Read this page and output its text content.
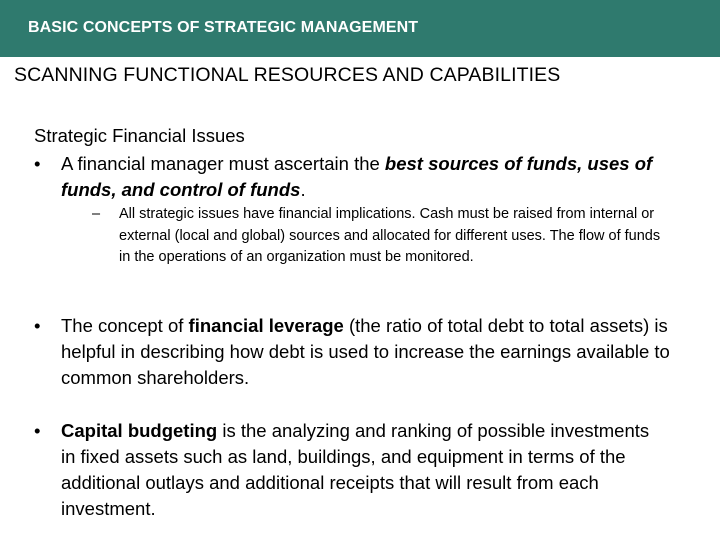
BASIC CONCEPTS OF STRATEGIC MANAGEMENT
SCANNING FUNCTIONAL RESOURCES AND CAPABILITIES
Strategic Financial Issues
• A financial manager must ascertain the best sources of funds, uses of funds, and control of funds.
– All strategic issues have financial implications. Cash must be raised from internal or external (local and global) sources and allocated for different uses. The flow of funds in the operations of an organization must be monitored.
• The concept of financial leverage (the ratio of total debt to total assets) is helpful in describing how debt is used to increase the earnings available to common shareholders.
• Capital budgeting is the analyzing and ranking of possible investments in fixed assets such as land, buildings, and equipment in terms of the additional outlays and additional receipts that will result from each investment.
